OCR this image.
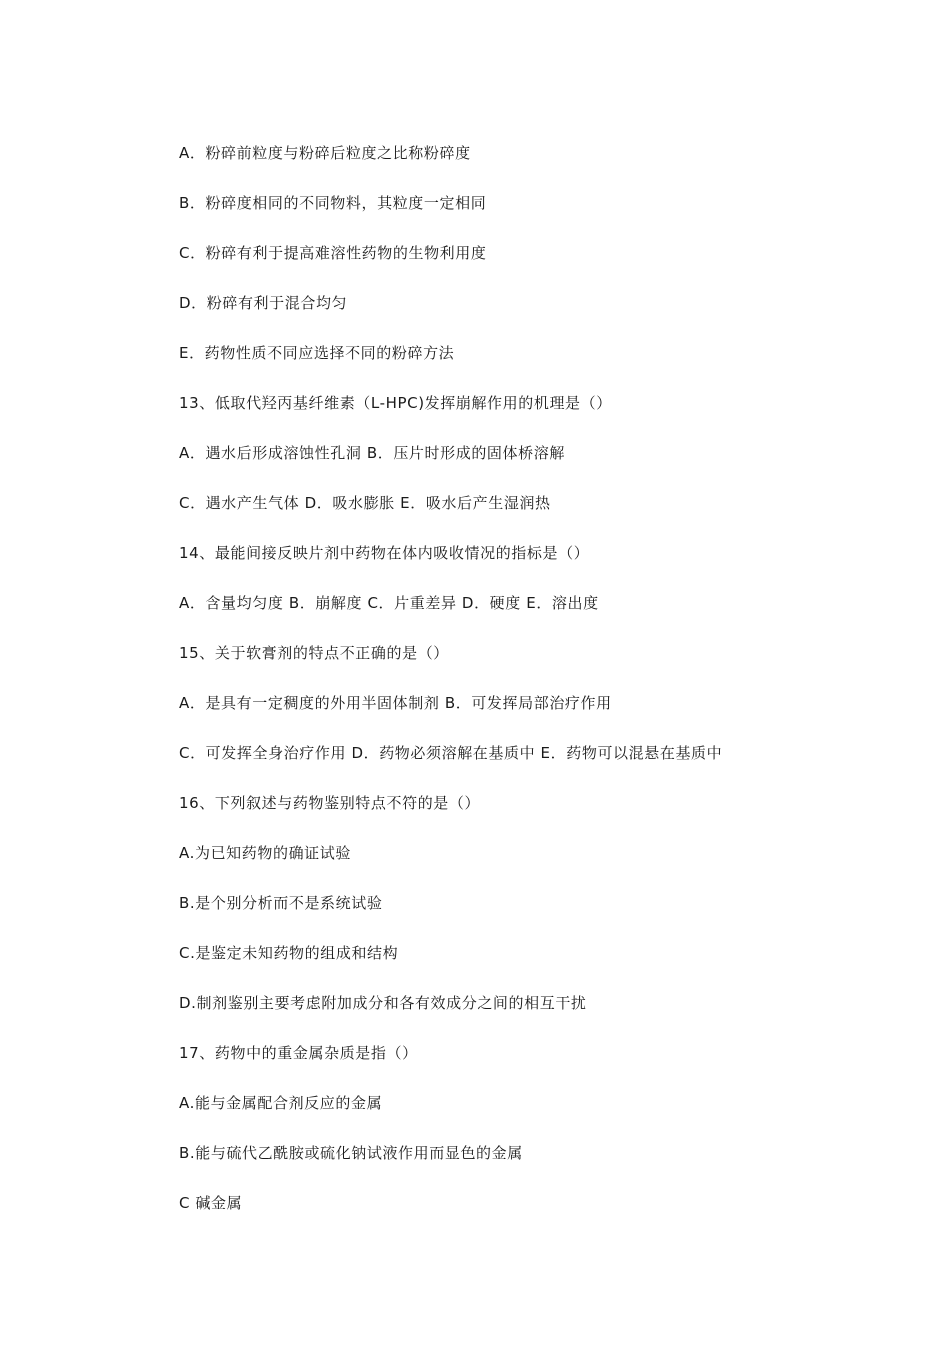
A．粉碎前粒度与粉碎后粒度之比称粉碎度

B．粉碎度相同的不同物料，其粒度一定相同

C．粉碎有利于提高难溶性药物的生物利用度

D．粉碎有利于混合均匀

E．药物性质不同应选择不同的粉碎方法

13、低取代羟丙基纤维素（L-HPC)发挥崩解作用的机理是（）

A．遇水后形成溶蚀性孔洞 B．压片时形成的固体桥溶解

C．遇水产生气体 D．吸水膨胀 E．吸水后产生湿润热

14、最能间接反映片剂中药物在体内吸收情况的指标是（）

A．含量均匀度 B．崩解度 C．片重差异 D．硬度 E．溶出度

15、关于软膏剂的特点不正确的是（）

A．是具有一定稠度的外用半固体制剂 B．可发挥局部治疗作用

C．可发挥全身治疗作用 D．药物必须溶解在基质中 E．药物可以混悬在基质中

16、下列叙述与药物鉴别特点不符的是（）

A.为已知药物的确证试验

B.是个别分析而不是系统试验

C.是鉴定未知药物的组成和结构

D.制剂鉴别主要考虑附加成分和各有效成分之间的相互干扰

17、药物中的重金属杂质是指（）

A.能与金属配合剂反应的金属

B.能与硫代乙酰胺或硫化钠试液作用而显色的金属

C 碱金属
